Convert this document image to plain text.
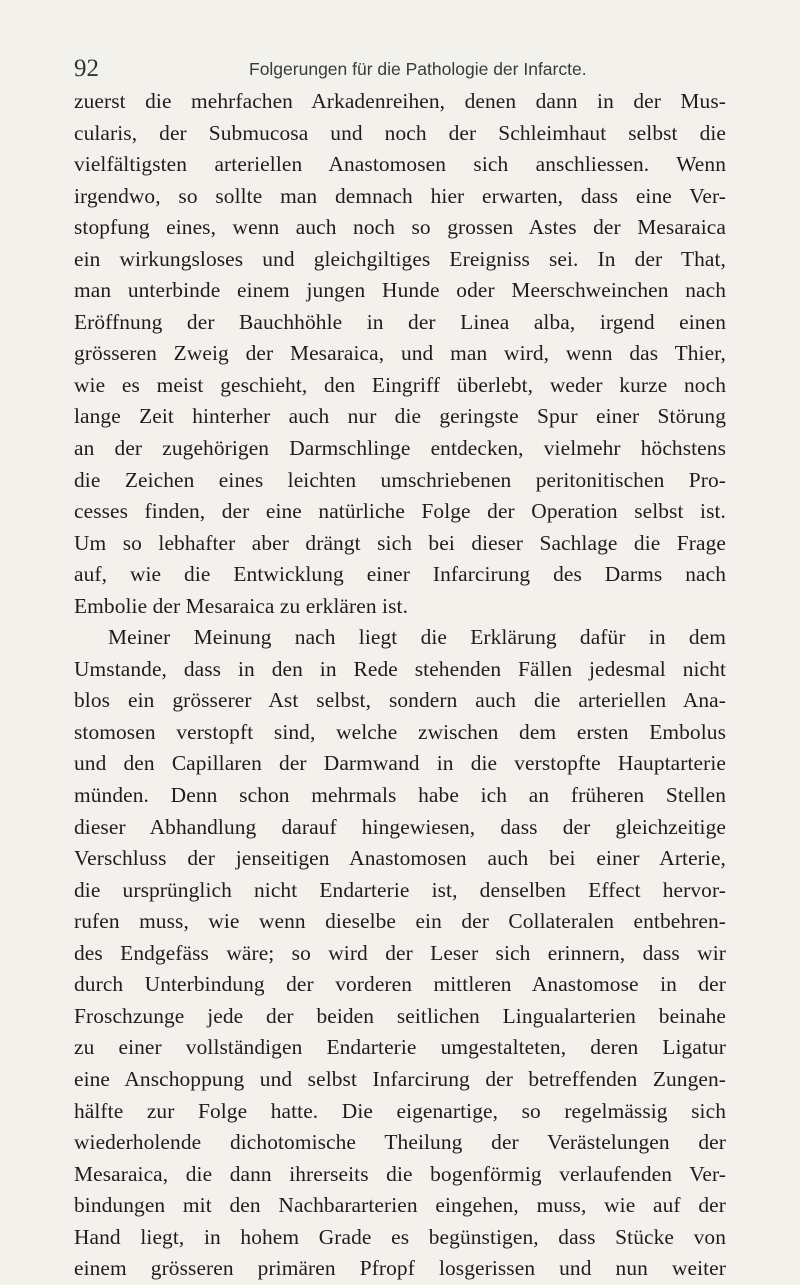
92	Folgerungen für die Pathologie der Infarcte.
zuerst die mehrfachen Arkadenreihen, denen dann in der Mus-
cularis, der Submucosa und noch der Schleimhaut selbst die
vielfältigsten arteriellen Anastomosen sich anschliessen. Wenn
irgendwo, so sollte man demnach hier erwarten, dass eine Ver-
stopfung eines, wenn auch noch so grossen Astes der Mesaraica
ein wirkungsloses und gleichgiltiges Ereigniss sei. In der That,
man unterbinde einem jungen Hunde oder Meerschweinchen nach
Eröffnung der Bauchhöhle in der Linea alba, irgend einen
grösseren Zweig der Mesaraica, und man wird, wenn das Thier,
wie es meist geschieht, den Eingriff überlebt, weder kurze noch
lange Zeit hinterher auch nur die geringste Spur einer Störung
an der zugehörigen Darmschlinge entdecken, vielmehr höchstens
die Zeichen eines leichten umschriebenen peritonitischen Pro-
cesses finden, der eine natürliche Folge der Operation selbst ist.
Um so lebhafter aber drängt sich bei dieser Sachlage die Frage
auf, wie die Entwicklung einer Infarcirung des Darms nach
Embolie der Mesaraica zu erklären ist.
Meiner Meinung nach liegt die Erklärung dafür in dem
Umstande, dass in den in Rede stehenden Fällen jedesmal nicht
blos ein grösserer Ast selbst, sondern auch die arteriellen Ana-
stomosen verstopft sind, welche zwischen dem ersten Embolus
und den Capillaren der Darmwand in die verstopfte Hauptarterie
münden. Denn schon mehrmals habe ich an früheren Stellen
dieser Abhandlung darauf hingewiesen, dass der gleichzeitige
Verschluss der jenseitigen Anastomosen auch bei einer Arterie,
die ursprünglich nicht Endarterie ist, denselben Effect hervor-
rufen muss, wie wenn dieselbe ein der Collateralen entbehren-
des Endgefäss wäre; so wird der Leser sich erinnern, dass wir
durch Unterbindung der vorderen mittleren Anastomose in der
Froschzunge jede der beiden seitlichen Lingualarterien beinahe
zu einer vollständigen Endarterie umgestalteten, deren Ligatur
eine Anschoppung und selbst Infarcirung der betreffenden Zungen-
hälfte zur Folge hatte. Die eigenartige, so regelmässig sich
wiederholende dichotomische Theilung der Verästelungen der
Mesaraica, die dann ihrerseits die bogenförmig verlaufenden Ver-
bindungen mit den Nachbararterien eingehen, muss, wie auf der
Hand liegt, in hohem Grade es begünstigen, dass Stücke von
einem grösseren primären Pfropf losgerissen und nun weiter
